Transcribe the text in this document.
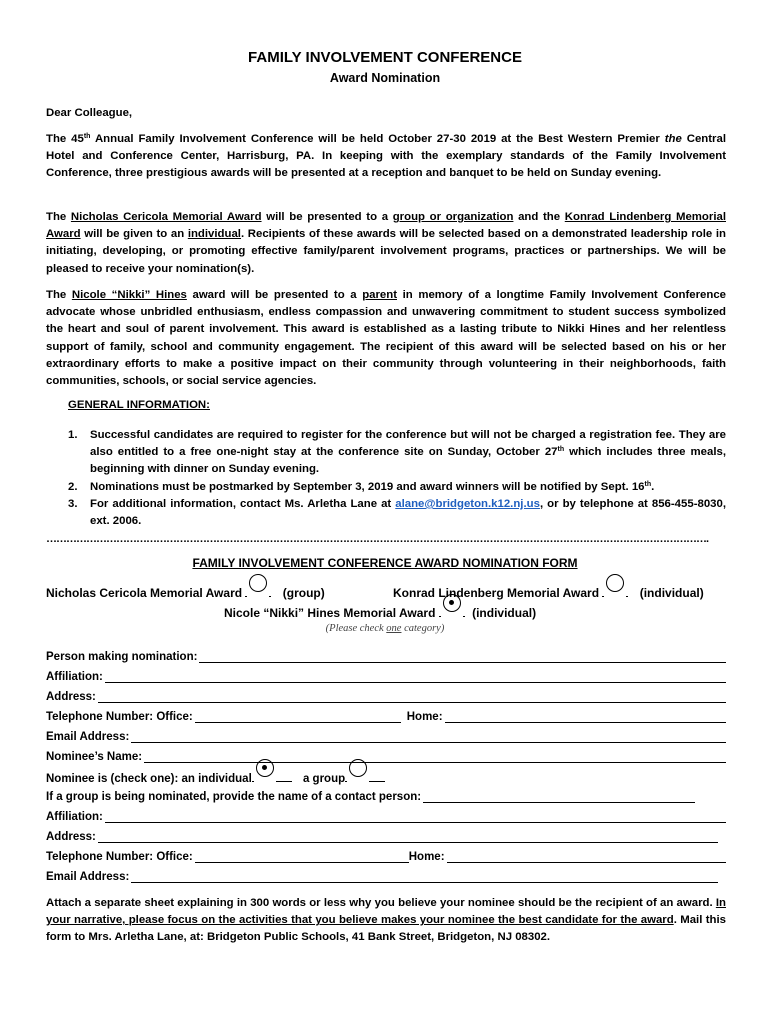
FAMILY INVOLVEMENT CONFERENCE
Award Nomination

Dear Colleague,

The 45th Annual Family Involvement Conference will be held October 27-30 2019 at the Best Western Premier the Central Hotel and Conference Center, Harrisburg, PA. In keeping with the exemplary standards of the Family Involvement Conference, three prestigious awards will be presented at a reception and banquet to be held on Sunday evening.

The Nicholas Cericola Memorial Award will be presented to a group or organization and the Konrad Lindenberg Memorial Award will be given to an individual. Recipients of these awards will be selected based on a demonstrated leadership role in initiating, developing, or promoting effective family/parent involvement programs, practices or partnerships. We will be pleased to receive your nomination(s).

The Nicole “Nikki” Hines award will be presented to a parent in memory of a longtime Family Involvement Conference advocate whose unbridled enthusiasm, endless compassion and unwavering commitment to student success symbolized the heart and soul of parent involvement. This award is established as a lasting tribute to Nikki Hines and her relentless support of family, school and community engagement. The recipient of this award will be selected based on his or her extraordinary efforts to make a positive impact on their community through volunteering in their neighborhoods, faith communities, schools, or social service agencies.

GENERAL INFORMATION:
1. Successful candidates are required to register for the conference but will not be charged a registration fee. They are also entitled to a free one-night stay at the conference site on Sunday, October 27th which includes three meals, beginning with dinner on Sunday evening.
2. Nominations must be postmarked by September 3, 2019 and award winners will be notified by Sept. 16th.
3. For additional information, contact Ms. Arletha Lane at alane@bridgeton.k12.nj.us, or by telephone at 856-455-8030, ext. 2006.
……………………………………………………………………………………………………………………………………………………………………………….
FAMILY INVOLVEMENT CONFERENCE AWARD NOMINATION FORM
Nicholas Cericola Memorial Award	(group)	Konrad Lindenberg Memorial Award	(individual)
Nicole “Nikki” Hines Memorial Award	(individual)
(Please check one category)
Person making nomination:
Affiliation:
Address:
Telephone Number: Office:	Home:
Email Address:
Nominee’s Name:
Nominee is (check one): an individual	a group
If a group is being nominated, provide the name of a contact person:
Affiliation:
Address:
Telephone Number: Office:	Home:
Email Address:

Attach a separate sheet explaining in 300 words or less why you believe your nominee should be the recipient of an award. In your narrative, please focus on the activities that you believe makes your nominee the best candidate for the award. Mail this form to Mrs. Arletha Lane, at: Bridgeton Public Schools, 41 Bank Street, Bridgeton, NJ 08302.
